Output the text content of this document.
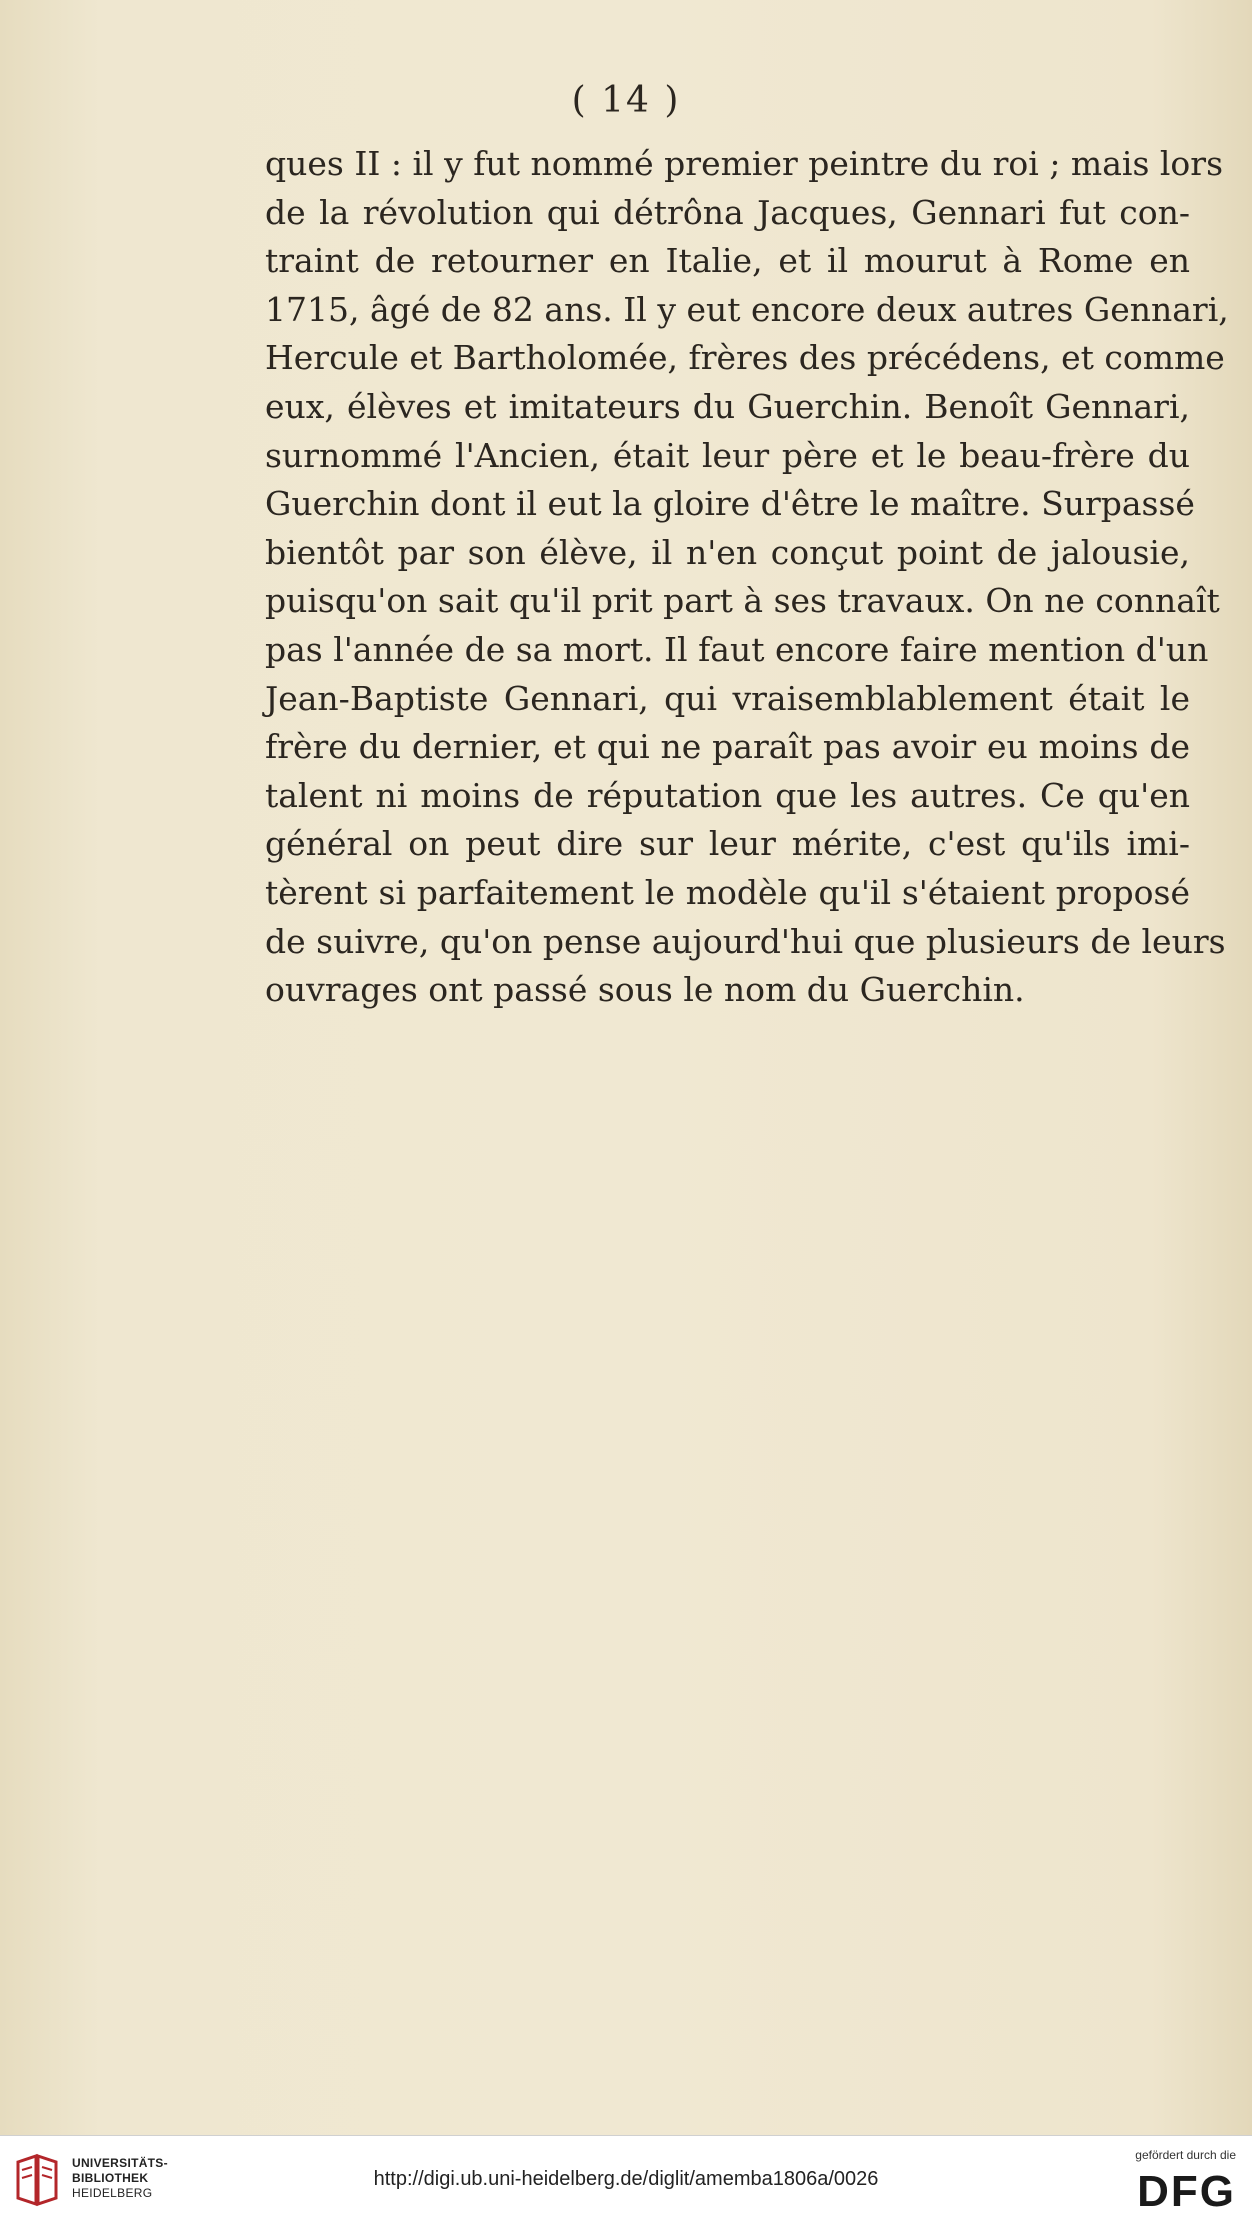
( 14 )
ques II : il y fut nommé premier peintre du roi ; mais lors
de la révolution qui détrôna Jacques, Gennari fut con-
traint de retourner en Italie, et il mourut à Rome en
1715, âgé de 82 ans. Il y eut encore deux autres Gennari,
Hercule et Bartholomée, frères des précédens, et comme
eux, élèves et imitateurs du Guerchin. Benoît Gennari,
surnommé l'Ancien, était leur père et le beau-frère du
Guerchin dont il eut la gloire d'être le maître. Surpassé
bientôt par son élève, il n'en conçut point de jalousie,
puisqu'on sait qu'il prit part à ses travaux. On ne connaît
pas l'année de sa mort. Il faut encore faire mention d'un
Jean-Baptiste Gennari, qui vraisemblablement était le
frère du dernier, et qui ne paraît pas avoir eu moins de
talent ni moins de réputation que les autres. Ce qu'en
général on peut dire sur leur mérite, c'est qu'ils imi-
tèrent si parfaitement le modèle qu'il s'étaient proposé
de suivre, qu'on pense aujourd'hui que plusieurs de leurs
ouvrages ont passé sous le nom du Guerchin.
UNIVERSITÄTS-
BIBLIOTHEK
HEIDELBERG
http://digi.ub.uni-heidelberg.de/diglit/amemba1806a/0026
gefördert durch die
DFG
